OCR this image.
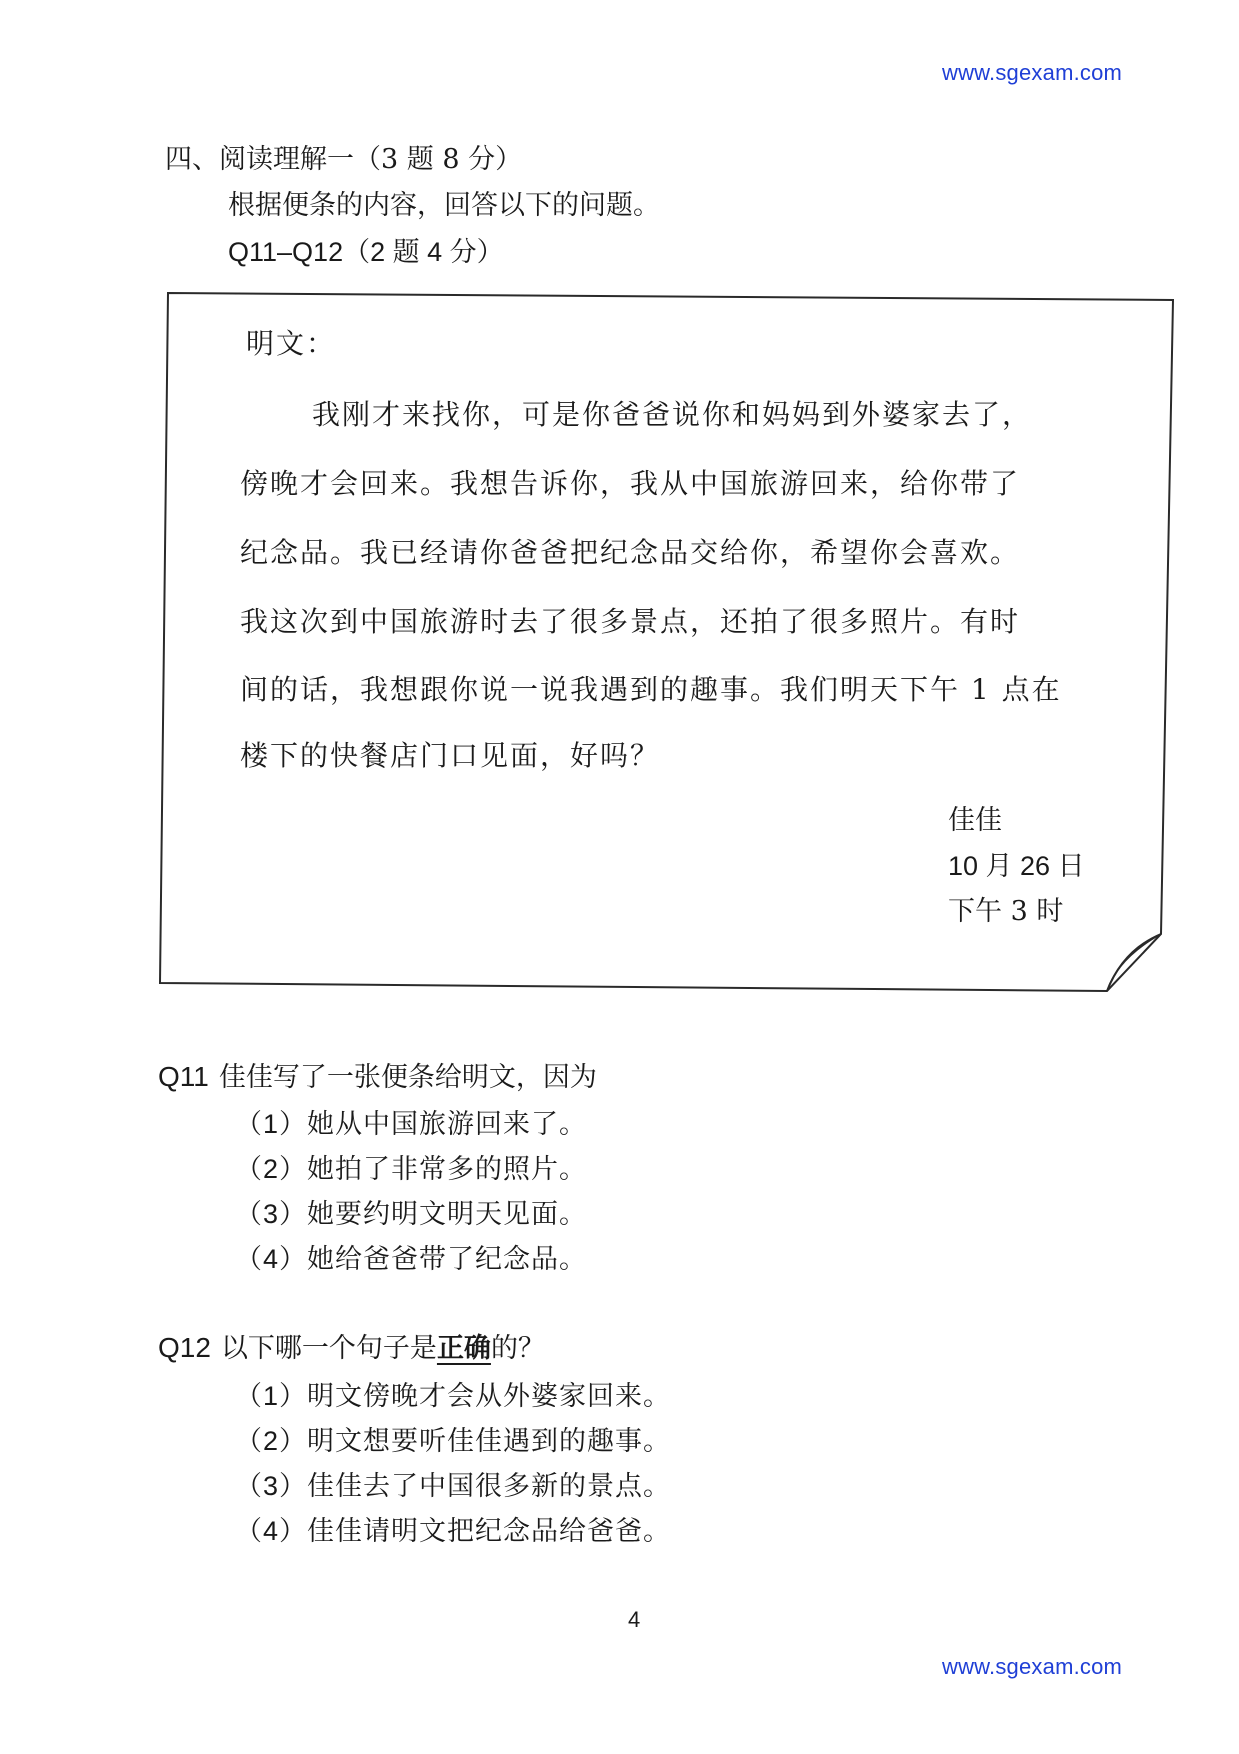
www.sgexam.com
www.sgexam.com
四、阅读理解一（3 题 8 分）
根据便条的内容，回答以下的问题。
Q11–Q12（2 题 4 分）
明文：
我刚才来找你，可是你爸爸说你和妈妈到外婆家去了，
傍晚才会回来。我想告诉你，我从中国旅游回来，给你带了
纪念品。我已经请你爸爸把纪念品交给你，希望你会喜欢。
我这次到中国旅游时去了很多景点，还拍了很多照片。有时
间的话，我想跟你说一说我遇到的趣事。我们明天下午 1 点在
楼下的快餐店门口见面，好吗？
佳佳
10 月 26 日
下午 3 时
Q11 佳佳写了一张便条给明文，因为
（1）她从中国旅游回来了。
（2）她拍了非常多的照片。
（3）她要约明文明天见面。
（4）她给爸爸带了纪念品。
Q12 以下哪一个句子是正确的？
（1）明文傍晚才会从外婆家回来。
（2）明文想要听佳佳遇到的趣事。
（3）佳佳去了中国很多新的景点。
（4）佳佳请明文把纪念品给爸爸。
4
